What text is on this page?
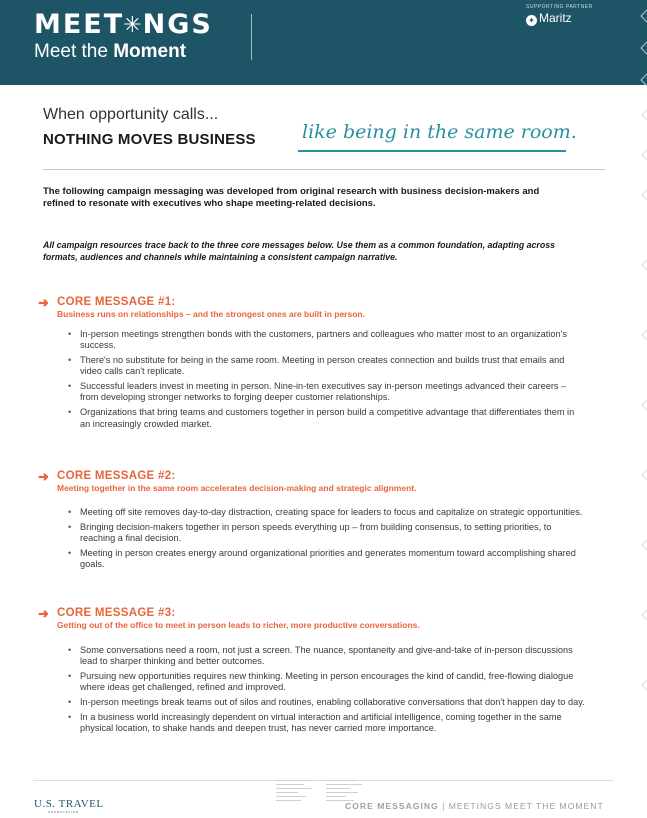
MEET✳NGS
Meet the Moment
SUPPORTING PARTNER
✦ Maritz
When opportunity calls...
NOTHING MOVES BUSINESS like being in the same room.
The following campaign messaging was developed from original research with business decision-makers and refined to resonate with executives who shape meeting-related decisions.
All campaign resources trace back to the three core messages below. Use them as a common foundation, adapting across formats, audiences and channels while maintaining a consistent campaign narrative.
➜ CORE MESSAGE #1:
Business runs on relationships – and the strongest ones are built in person.
• In-person meetings strengthen bonds with the customers, partners and colleagues who matter most to an organization's success.
• There's no substitute for being in the same room. Meeting in person creates connection and builds trust that emails and video calls can't replicate.
• Successful leaders invest in meeting in person. Nine-in-ten executives say in-person meetings advanced their careers – from developing stronger networks to forging deeper customer relationships.
• Organizations that bring teams and customers together in person build a competitive advantage that differentiates them in an increasingly crowded market.
➜ CORE MESSAGE #2:
Meeting together in the same room accelerates decision-making and strategic alignment.
• Meeting off site removes day-to-day distraction, creating space for leaders to focus and capitalize on strategic opportunities.
• Bringing decision-makers together in person speeds everything up – from building consensus, to setting priorities, to reaching a final decision.
• Meeting in person creates energy around organizational priorities and generates momentum toward accomplishing shared goals.
➜ CORE MESSAGE #3:
Getting out of the office to meet in person leads to richer, more productive conversations.
• Some conversations need a room, not just a screen. The nuance, spontaneity and give-and-take of in-person discussions lead to sharper thinking and better outcomes.
• Pursuing new opportunities requires new thinking. Meeting in person encourages the kind of candid, free-flowing dialogue where ideas get challenged, refined and improved.
• In-person meetings break teams out of silos and routines, enabling collaborative conversations that don't happen day to day.
• In a business world increasingly dependent on virtual interaction and artificial intelligence, coming together in the same physical location, to shake hands and deepen trust, has never carried more importance.
U.S. TRAVEL
ASSOCIATION
CORE MESSAGING | MEETINGS MEET THE MOMENT
